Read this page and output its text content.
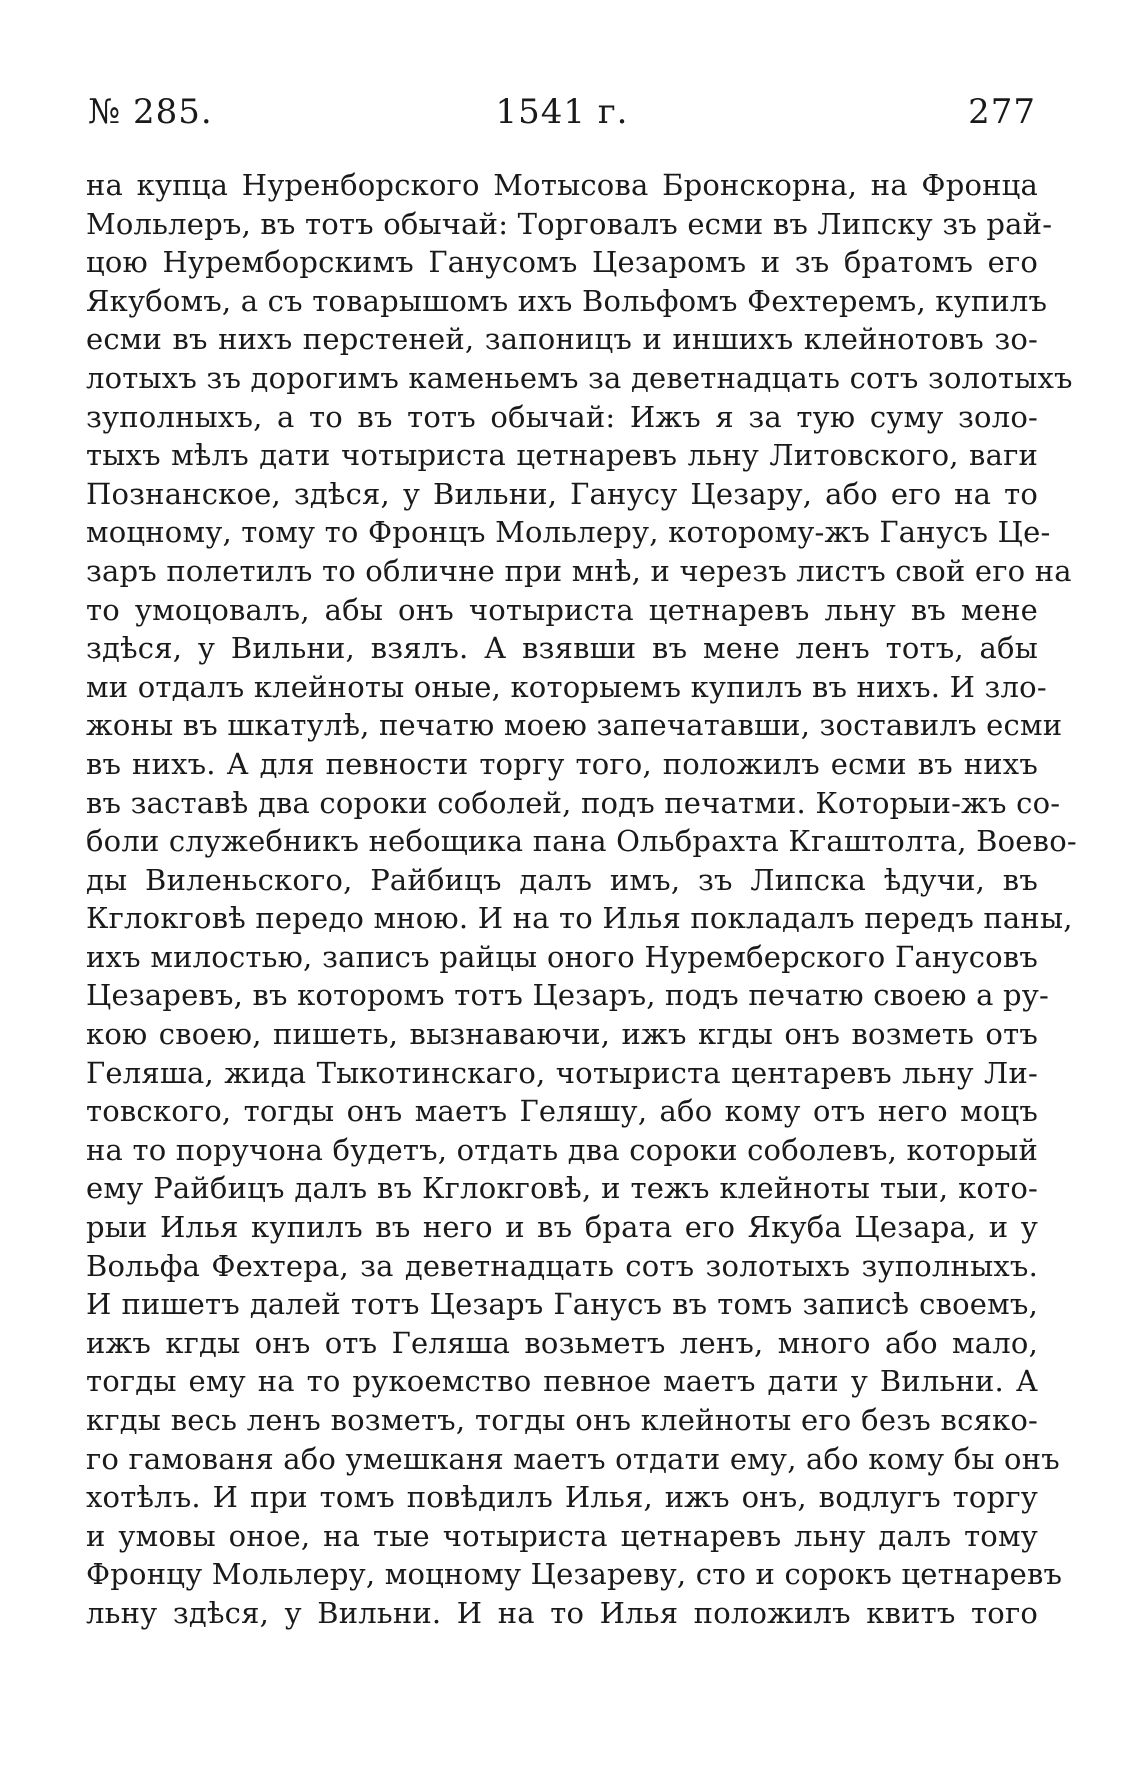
№ 285.	1541 г.	277
на купца Нуренборского Мотысова Бронскорна, на Фронца
Мольлеръ, въ тотъ обычай: Торговалъ есми въ Липску зъ рай-
цою Нуремборскимъ Ганусомъ Цезаромъ и зъ братомъ его
Якубомъ, а съ товарышомъ ихъ Вольфомъ Фехтеремъ, купилъ
есми въ нихъ перстеней, запоницъ и иншихъ клейнотовъ зо-
лотыхъ зъ дорогимъ каменьемъ за деветнадцать сотъ золотыхъ
зуполныхъ, а то въ тотъ обычай: Ижъ я за тую суму золо-
тыхъ мѣлъ дати чотыриста цетнаревъ льну Литовского, ваги
Познанское, здѣся, у Вильни, Ганусу Цезару, або его на то
моцному, тому то Фронцъ Мольлеру, которому-жъ Ганусъ Це-
заръ полетилъ то обличне при мнѣ, и черезъ листъ свой его на
то умоцовалъ, абы онъ чотыриста цетнаревъ льну въ мене
здѣся, у Вильни, взялъ. А взявши въ мене ленъ тотъ, абы
ми отдалъ клейноты оные, которыемъ купилъ въ нихъ. И зло-
жоны въ шкатулѣ, печатю моею запечатавши, зоставилъ есми
въ нихъ. А для певности торгу того, положилъ есми въ нихъ
въ заставѣ два сороки соболей, подъ печатми. Которыи-жъ со-
боли служебникъ небощика пана Ольбрахта Кгаштолта, Воево-
ды Виленьского, Райбицъ далъ имъ, зъ Липска ѣдучи, въ
Кглокговѣ передо мною. И на то Илья покладалъ передъ паны,
ихъ милостью, записъ райцы оного Нуремберского Ганусовъ
Цезаревъ, въ которомъ тотъ Цезаръ, подъ печатю своею а ру-
кою своею, пишеть, вызнаваючи, ижъ кгды онъ возметь отъ
Геляша, жида Тыкотинскаго, чотыриста центаревъ льну Ли-
товского, тогды онъ маетъ Геляшу, або кому отъ него моцъ
на то поручона будетъ, отдать два сороки соболевъ, который
ему Райбицъ далъ въ Кглокговѣ, и тежъ клейноты тыи, кото-
рыи Илья купилъ въ него и въ брата его Якуба Цезара, и у
Вольфа Фехтера, за деветнадцать сотъ золотыхъ зуполныхъ.
И пишетъ далей тотъ Цезаръ Ганусъ въ томъ записѣ своемъ,
ижъ кгды онъ отъ Геляша возьметъ ленъ, много або мало,
тогды ему на то рукоемство певное маетъ дати у Вильни. А
кгды весь ленъ возметъ, тогды онъ клейноты его безъ всяко-
го гамованя або умешканя маетъ отдати ему, або кому бы онъ
хотѣлъ. И при томъ повѣдилъ Илья, ижъ онъ, водлугъ торгу
и умовы оное, на тые чотыриста цетнаревъ льну далъ тому
Фронцу Мольлеру, моцному Цезареву, сто и сорокъ цетнаревъ
льну здѣся, у Вильни. И на то Илья положилъ квитъ того
